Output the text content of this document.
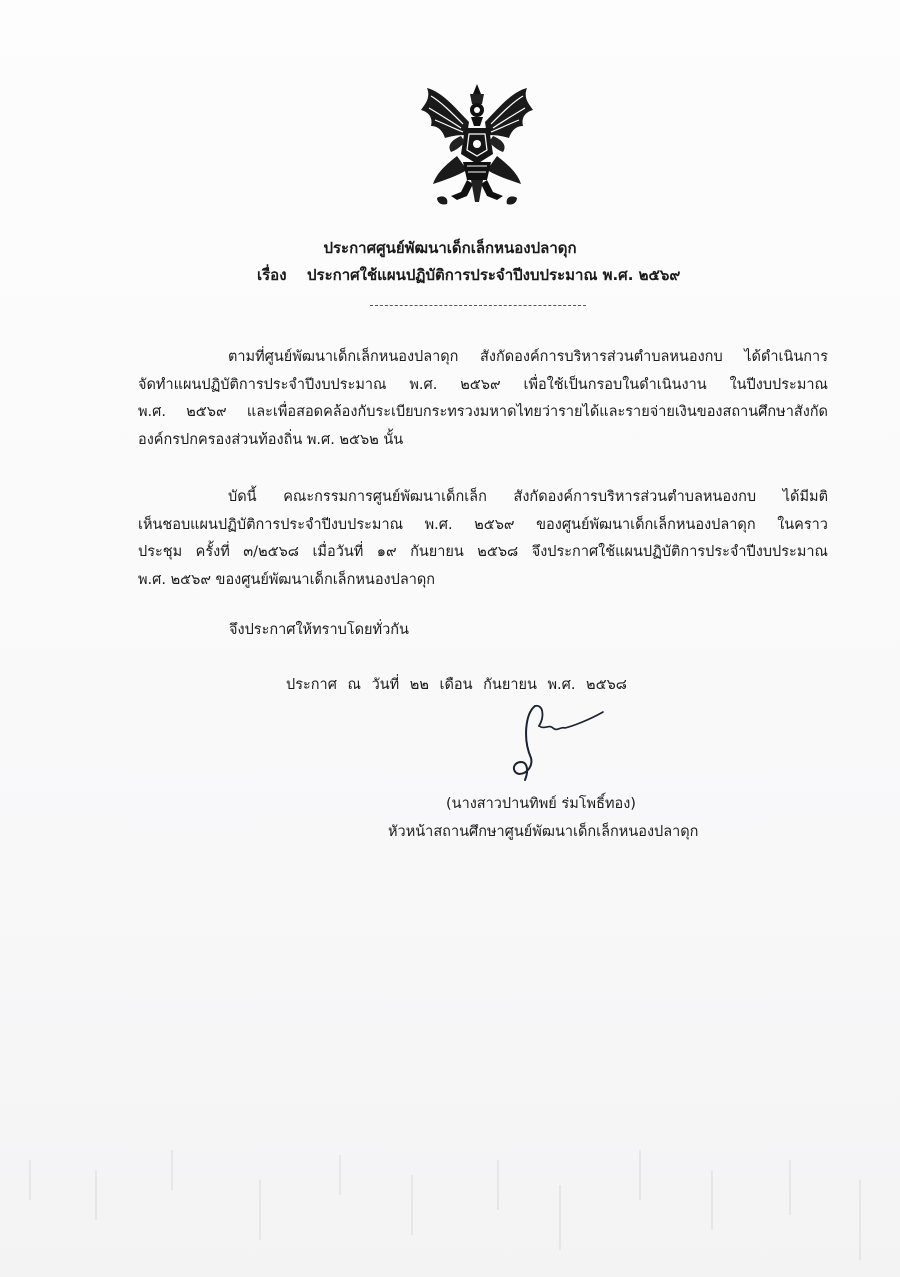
ประกาศศูนย์พัฒนาเด็กเล็กหนองปลาดุก
เรื่อง ประกาศใช้แผนปฏิบัติการประจำปีงบประมาณ พ.ศ. ๒๕๖๙
ตามที่ศูนย์พัฒนาเด็กเล็กหนองปลาดุก สังกัดองค์การบริหารส่วนตำบลหนองกบ ได้ดำเนินการ
จัดทำแผนปฏิบัติการประจำปีงบประมาณ พ.ศ. ๒๕๖๙ เพื่อใช้เป็นกรอบในดำเนินงาน ในปีงบประมาณ
พ.ศ. ๒๕๖๙ และเพื่อสอดคล้องกับระเบียบกระทรวงมหาดไทยว่ารายได้และรายจ่ายเงินของสถานศึกษาสังกัด
องค์กรปกครองส่วนท้องถิ่น พ.ศ. ๒๕๖๒ นั้น
บัดนี้ คณะกรรมการศูนย์พัฒนาเด็กเล็ก สังกัดองค์การบริหารส่วนตำบลหนองกบ ได้มีมติ
เห็นชอบแผนปฏิบัติการประจำปีงบประมาณ พ.ศ. ๒๕๖๙ ของศูนย์พัฒนาเด็กเล็กหนองปลาดุก ในคราว
ประชุม ครั้งที่ ๓/๒๕๖๘ เมื่อวันที่ ๑๙ กันยายน ๒๕๖๘ จึงประกาศใช้แผนปฏิบัติการประจำปีงบประมาณ
พ.ศ. ๒๕๖๙ ของศูนย์พัฒนาเด็กเล็กหนองปลาดุก
จึงประกาศให้ทราบโดยทั่วกัน
ประกาศ ณ วันที่ ๒๒ เดือน กันยายน พ.ศ. ๒๕๖๘
(นางสาวปานทิพย์ ร่มโพธิ์ทอง)
หัวหน้าสถานศึกษาศูนย์พัฒนาเด็กเล็กหนองปลาดุก
